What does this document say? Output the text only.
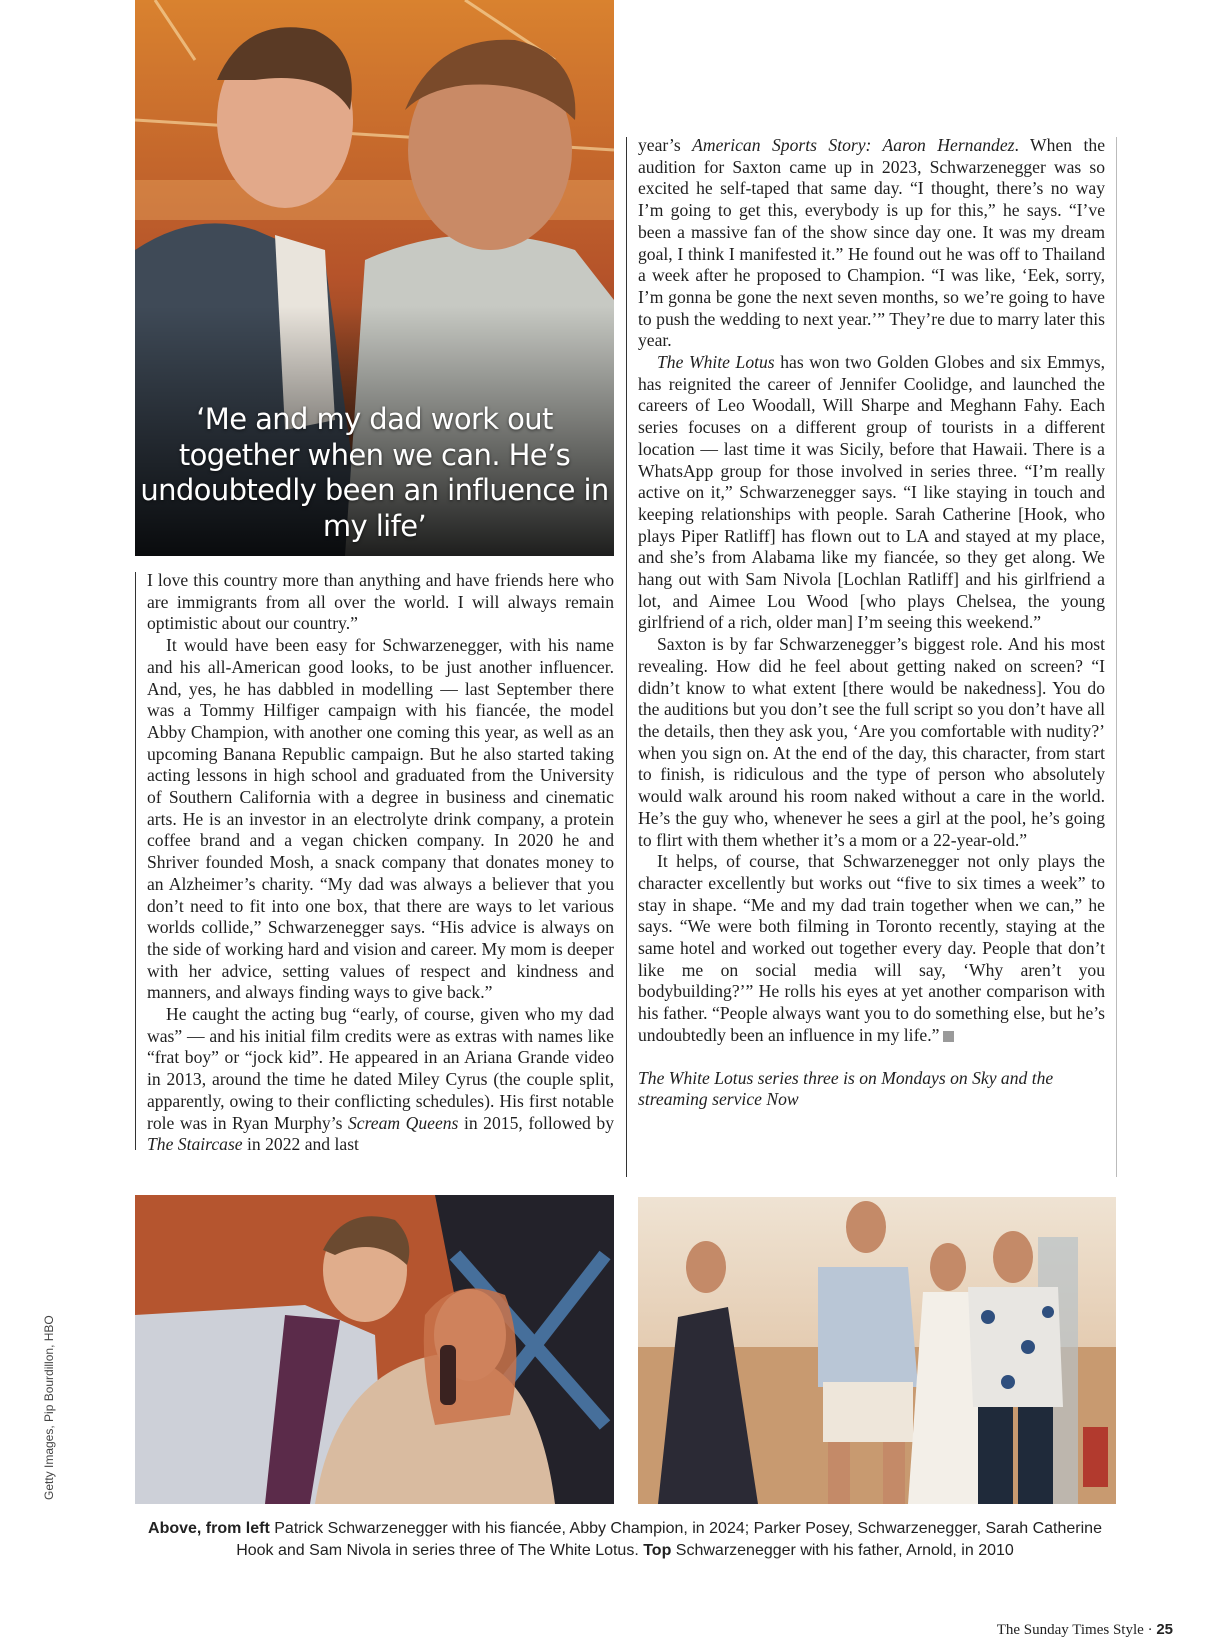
‘Me and my dad work out together when we can. He’s undoubtedly been an influence in my life’

I love this country more than anything and have friends here who are immigrants from all over the world. I will always remain optimistic about our country.”

It would have been easy for Schwarzenegger, with his name and his all-American good looks, to be just another influencer. And, yes, he has dabbled in modelling — last September there was a Tommy Hilfiger campaign with his fiancée, the model Abby Champion, with another one coming this year, as well as an upcoming Banana Republic campaign. But he also started taking acting lessons in high school and graduated from the University of Southern California with a degree in business and cinematic arts. He is an investor in an electrolyte drink company, a protein coffee brand and a vegan chicken company. In 2020 he and Shriver founded Mosh, a snack company that donates money to an Alzheimer’s charity. “My dad was always a believer that you don’t need to fit into one box, that there are ways to let various worlds collide,” Schwarzenegger says. “His advice is always on the side of working hard and vision and career. My mom is deeper with her advice, setting values of respect and kindness and manners, and always finding ways to give back.”

He caught the acting bug “early, of course, given who my dad was” — and his initial film credits were as extras with names like “frat boy” or “jock kid”. He appeared in an Ariana Grande video in 2013, around the time he dated Miley Cyrus (the couple split, apparently, owing to their conflicting schedules). His first notable role was in Ryan Murphy’s Scream Queens in 2015, followed by The Staircase in 2022 and last

year’s American Sports Story: Aaron Hernandez. When the audition for Saxton came up in 2023, Schwarzenegger was so excited he self-taped that same day. “I thought, there’s no way I’m going to get this, everybody is up for this,” he says. “I’ve been a massive fan of the show since day one. It was my dream goal, I think I manifested it.” He found out he was off to Thailand a week after he proposed to Champion. “I was like, ‘Eek, sorry, I’m gonna be gone the next seven months, so we’re going to have to push the wedding to next year.’” They’re due to marry later this year.

The White Lotus has won two Golden Globes and six Emmys, has reignited the career of Jennifer Coolidge, and launched the careers of Leo Woodall, Will Sharpe and Meghann Fahy. Each series focuses on a different group of tourists in a different location — last time it was Sicily, before that Hawaii. There is a WhatsApp group for those involved in series three. “I’m really active on it,” Schwarzenegger says. “I like staying in touch and keeping relationships with people. Sarah Catherine [Hook, who plays Piper Ratliff] has flown out to LA and stayed at my place, and she’s from Alabama like my fiancée, so they get along. We hang out with Sam Nivola [Lochlan Ratliff] and his girlfriend a lot, and Aimee Lou Wood [who plays Chelsea, the young girlfriend of a rich, older man] I’m seeing this weekend.”

Saxton is by far Schwarzenegger’s biggest role. And his most revealing. How did he feel about getting naked on screen? “I didn’t know to what extent [there would be nakedness]. You do the auditions but you don’t see the full script so you don’t have all the details, then they ask you, ‘Are you comfortable with nudity?’ when you sign on. At the end of the day, this character, from start to finish, is ridiculous and the type of person who absolutely would walk around his room naked without a care in the world. He’s the guy who, whenever he sees a girl at the pool, he’s going to flirt with them whether it’s a mom or a 22-year-old.”

It helps, of course, that Schwarzenegger not only plays the character excellently but works out “five to six times a week” to stay in shape. “Me and my dad train together when we can,” he says. “We were both filming in Toronto recently, staying at the same hotel and worked out together every day. People that don’t like me on social media will say, ‘Why aren’t you bodybuilding?’” He rolls his eyes at yet another comparison with his father. “People always want you to do something else, but he’s undoubtedly been an influence in my life.”

The White Lotus series three is on Mondays on Sky and the streaming service Now

Getty Images, Pip Bourdillon, HBO
Above, from left Patrick Schwarzenegger with his fiancée, Abby Champion, in 2024; Parker Posey, Schwarzenegger, Sarah Catherine Hook and Sam Nivola in series three of The White Lotus. Top Schwarzenegger with his father, Arnold, in 2010
The Sunday Times Style · 25
